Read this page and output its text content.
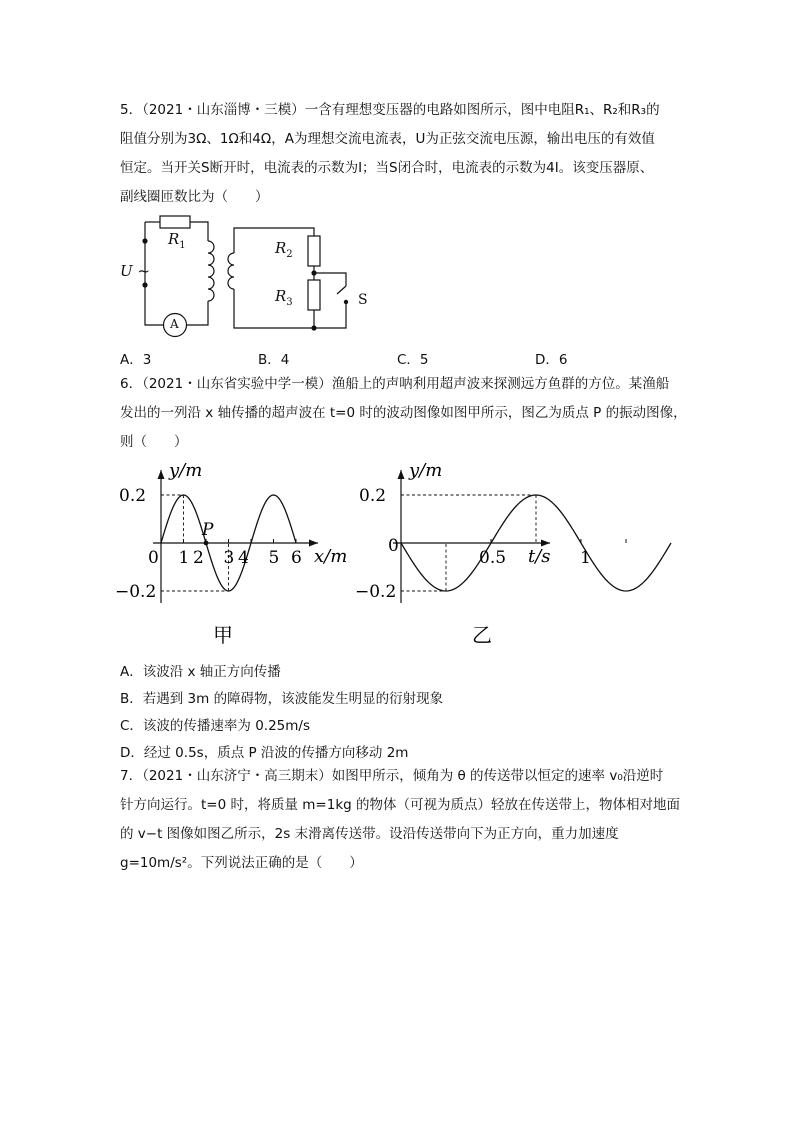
5．（2021・山东淄博・三模）一含有理想变压器的电路如图所示，图中电阻R₁、R₂和R₃的

阻值分别为3Ω、1Ω和4Ω，A为理想交流电流表，U为正弦交流电压源，输出电压的有效值

恒定。当开关S断开时，电流表的示数为I；当S闭合时，电流表的示数为4I。该变压器原、

副线圈匝数比为（　　）

$R_1$	$R_2$
$R_3$
U ~
A
S
A．3	B．4	C．5	D．6

6．（2021・山东省实验中学一模）渔船上的声呐利用超声波来探测远方鱼群的方位。某渔船

发出的一列沿 x 轴传播的超声波在 t=0 时的波动图像如图甲所示，图乙为质点 P 的振动图像，

则（　　）

P
0 1 2 3 4 5 6
0.2
−0.2
y/m
x/m
甲
0
0.5	1
0.2
−0.2
y/m
t/s
乙
A．该波沿 x 轴正方向传播
B．若遇到 3m 的障碍物，该波能发生明显的衍射现象
C．该波的传播速率为 0.25m/s
D．经过 0.5s，质点 P 沿波的传播方向移动 2m

7．（2021・山东济宁・高三期末）如图甲所示，倾角为 θ 的传送带以恒定的速率 v₀沿逆时

针方向运行。t=0 时，将质量 m=1kg 的物体（可视为质点）轻放在传送带上，物体相对地面

的 v−t 图像如图乙所示，2s 末滑离传送带。设沿传送带向下为正方向，重力加速度

g=10m/s²。下列说法正确的是（　　）
